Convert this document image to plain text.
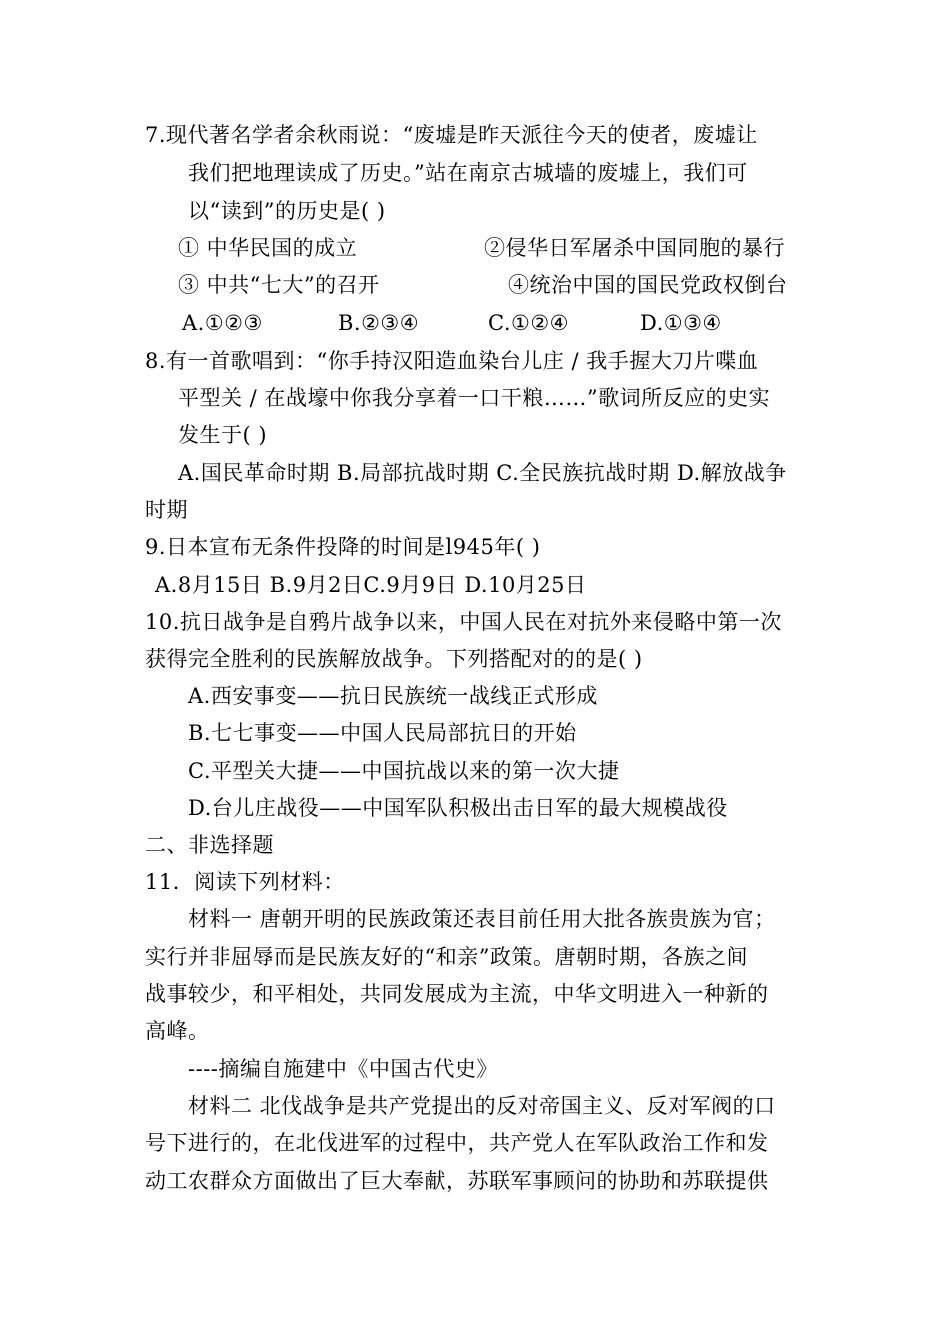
7.现代著名学者余秋雨说：“废墟是昨天派往今天的使者，废墟让
我们把地理读成了历史。”站在南京古城墙的废墟上，我们可
以“读到”的历史是( )
① 中华民国的成立	②侵华日军屠杀中国同胞的暴行
③ 中共“七大”的召开	④统治中国的国民党政权倒台
A.①②③	B.②③④	C.①②④	D.①③④
8.有一首歌唱到：“你手持汉阳造血染台儿庄 / 我手握大刀片喋血
平型关 / 在战壕中你我分享着一口干粮……”歌词所反应的史实
发生于( )
A.国民革命时期 B.局部抗战时期 C.全民族抗战时期 D.解放战争
时期
9.日本宣布无条件投降的时间是l945年( )
A.8月15日 B.9月2日C.9月9日 D.10月25日
10.抗日战争是自鸦片战争以来，中国人民在对抗外来侵略中第一次
获得完全胜利的民族解放战争。下列搭配对的的是( )
A.西安事变——抗日民族统一战线正式形成
B.七七事变——中国人民局部抗日的开始
C.平型关大捷——中国抗战以来的第一次大捷
D.台儿庄战役——中国军队积极出击日军的最大规模战役
二、非选择题
11．阅读下列材料：
材料一 唐朝开明的民族政策还表目前任用大批各族贵族为官；
实行并非屈辱而是民族友好的“和亲”政策。唐朝时期，各族之间
战事较少，和平相处，共同发展成为主流，中华文明进入一种新的
高峰。
----摘编自施建中《中国古代史》
材料二 北伐战争是共产党提出的反对帝国主义、反对军阀的口
号下进行的，在北伐进军的过程中，共产党人在军队政治工作和发
动工农群众方面做出了巨大奉献，苏联军事顾问的协助和苏联提供
